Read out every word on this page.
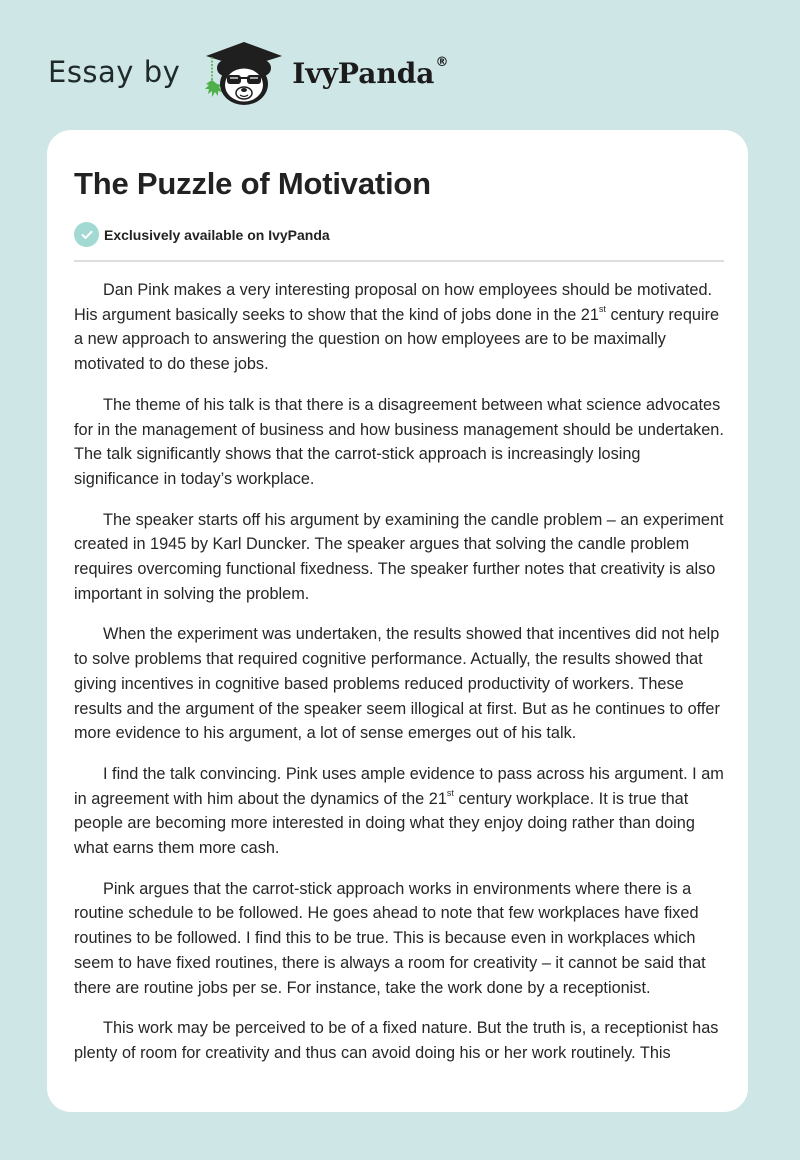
Essay by	IvyPanda®
The Puzzle of Motivation
Exclusively available on IvyPanda

Dan Pink makes a very interesting proposal on how employees should be motivated. His argument basically seeks to show that the kind of jobs done in the 21st century require a new approach to answering the question on how employees are to be maximally motivated to do these jobs.

The theme of his talk is that there is a disagreement between what science advocates for in the management of business and how business management should be undertaken. The talk significantly shows that the carrot-stick approach is increasingly losing significance in today’s workplace.

The speaker starts off his argument by examining the candle problem – an experiment created in 1945 by Karl Duncker. The speaker argues that solving the candle problem requires overcoming functional fixedness. The speaker further notes that creativity is also important in solving the problem.

When the experiment was undertaken, the results showed that incentives did not help to solve problems that required cognitive performance. Actually, the results showed that giving incentives in cognitive based problems reduced productivity of workers. These results and the argument of the speaker seem illogical at first. But as he continues to offer more evidence to his argument, a lot of sense emerges out of his talk.

I find the talk convincing. Pink uses ample evidence to pass across his argument. I am in agreement with him about the dynamics of the 21st century workplace. It is true that people are becoming more interested in doing what they enjoy doing rather than doing what earns them more cash.

Pink argues that the carrot-stick approach works in environments where there is a routine schedule to be followed. He goes ahead to note that few workplaces have fixed routines to be followed. I find this to be true. This is because even in workplaces which seem to have fixed routines, there is always a room for creativity – it cannot be said that there are routine jobs per se. For instance, take the work done by a receptionist.

This work may be perceived to be of a fixed nature. But the truth is, a receptionist has plenty of room for creativity and thus can avoid doing his or her work routinely. This
